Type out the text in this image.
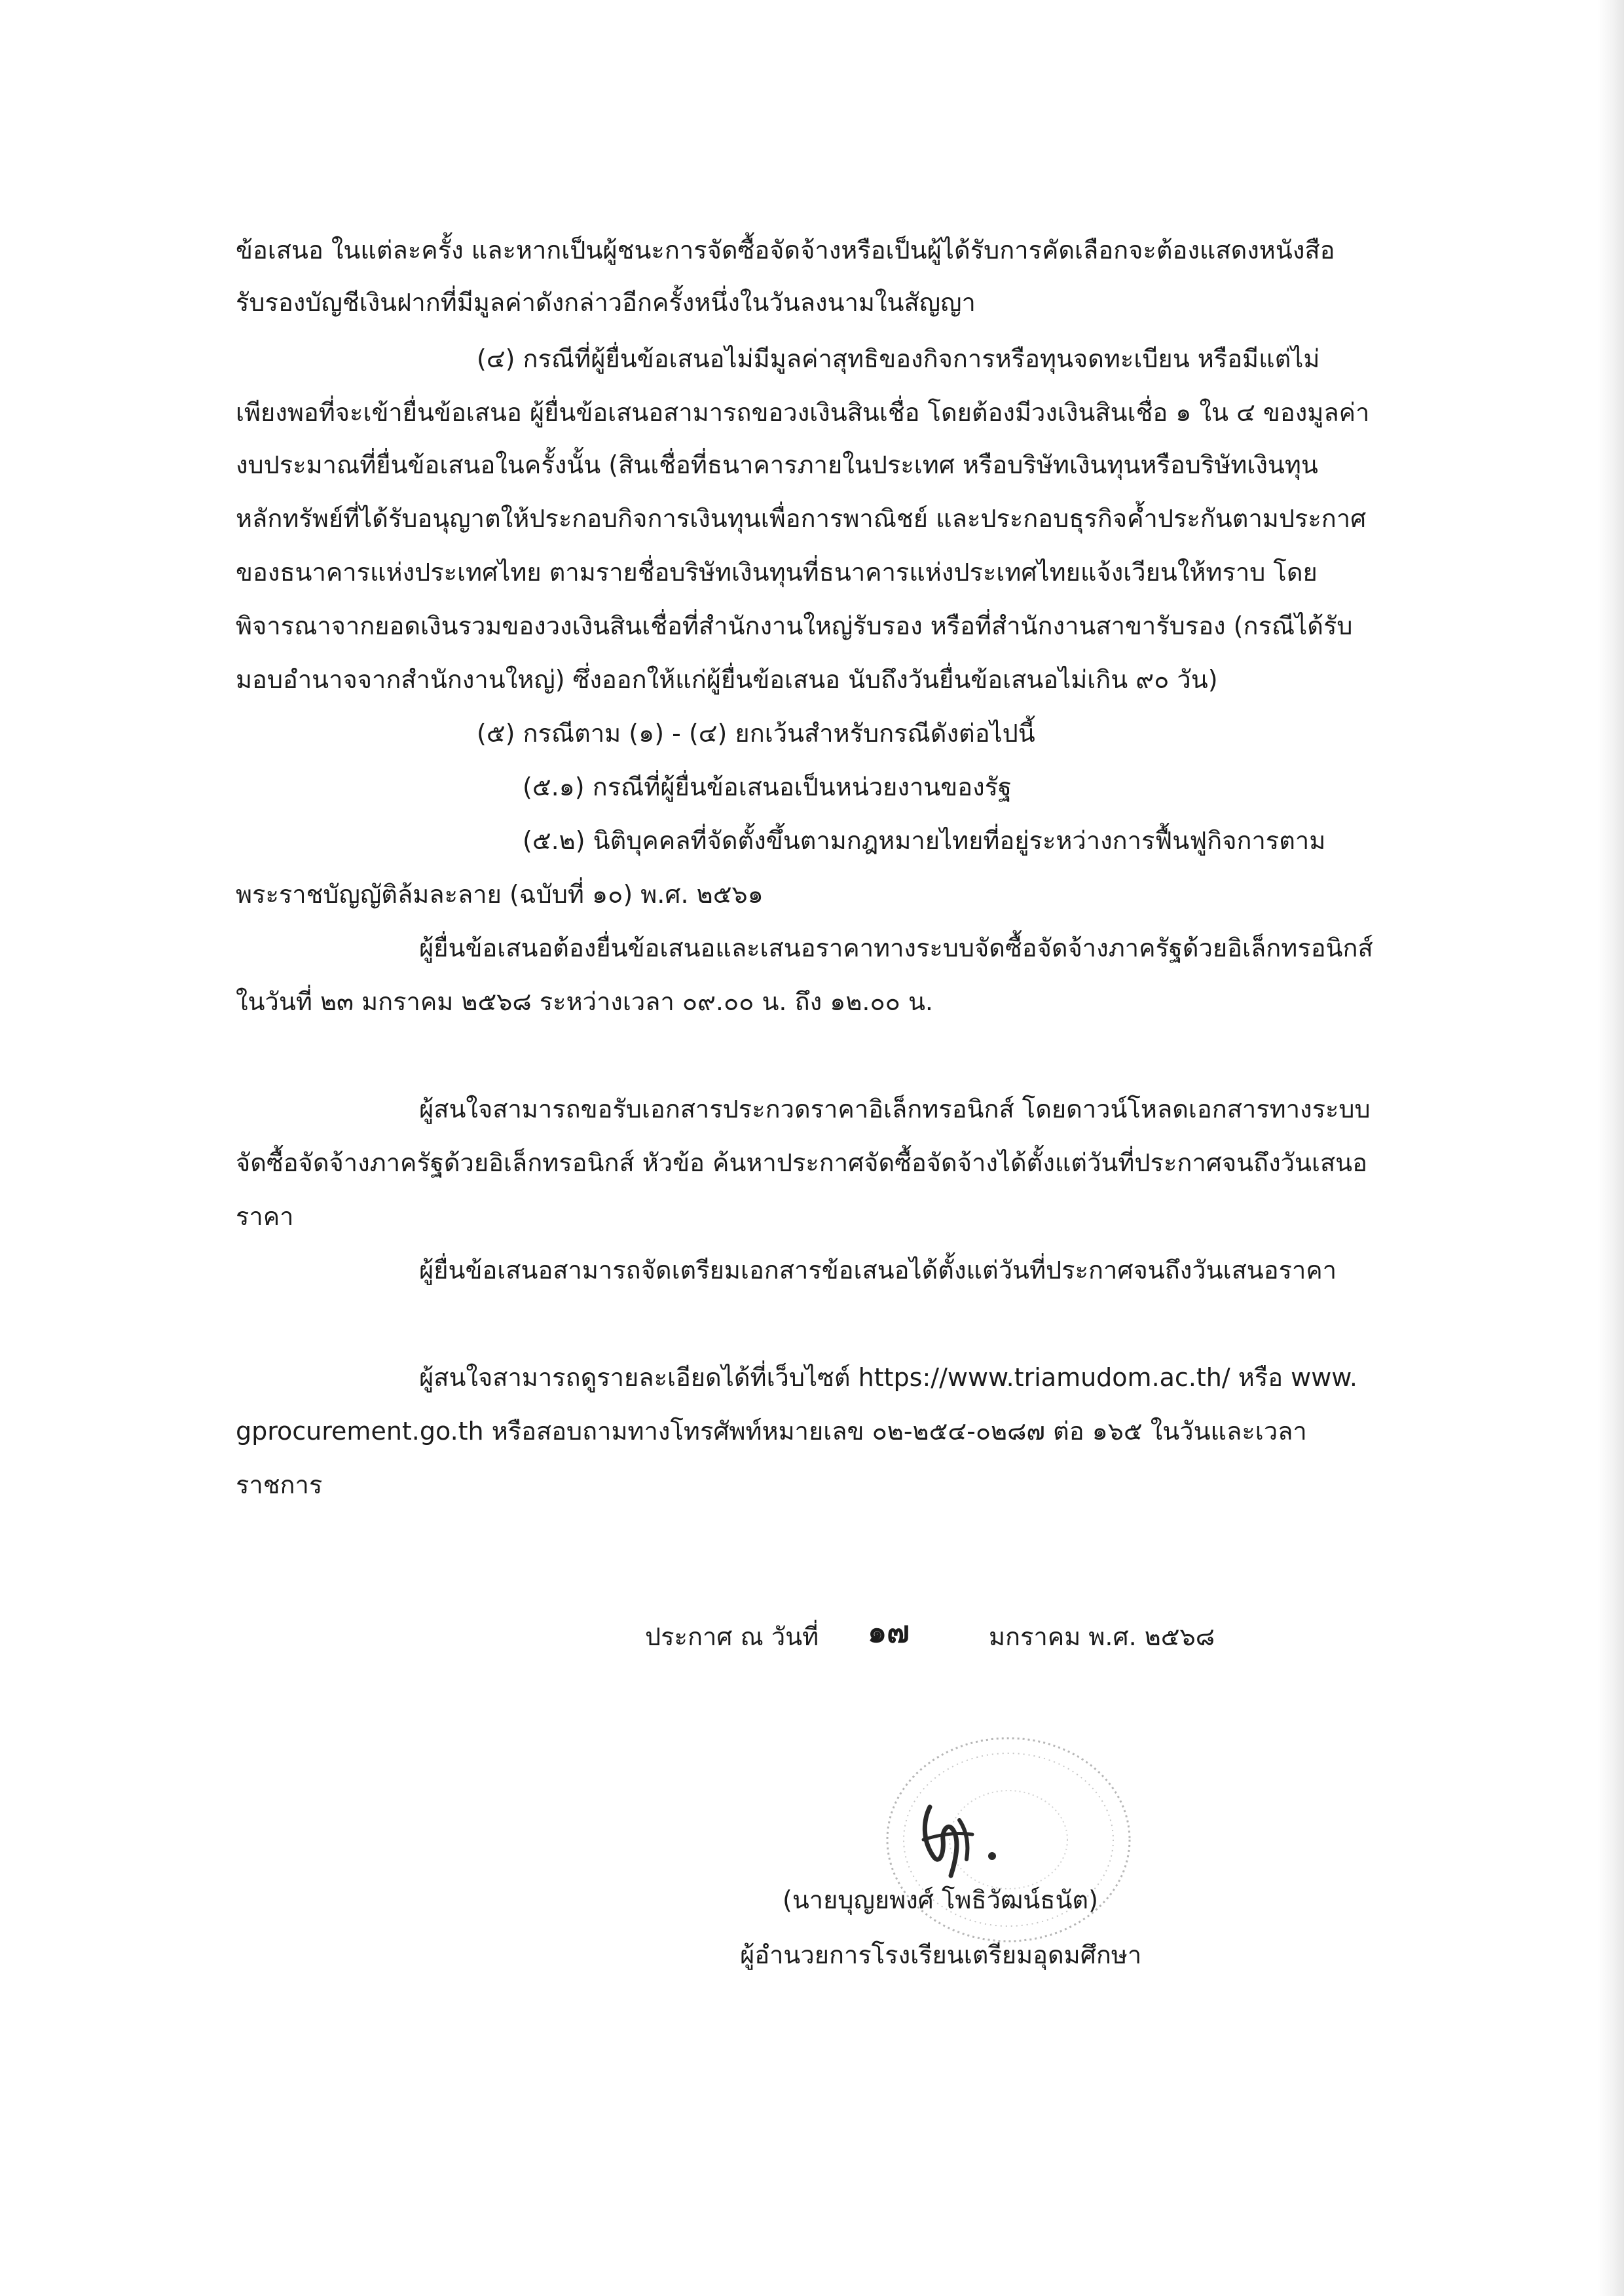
ข้อเสนอ ในแต่ละครั้ง และหากเป็นผู้ชนะการจัดซื้อจัดจ้างหรือเป็นผู้ได้รับการคัดเลือกจะต้องแสดงหนังสือ
รับรองบัญชีเงินฝากที่มีมูลค่าดังกล่าวอีกครั้งหนึ่งในวันลงนามในสัญญา
(๔) กรณีที่ผู้ยื่นข้อเสนอไม่มีมูลค่าสุทธิของกิจการหรือทุนจดทะเบียน หรือมีแต่ไม่
เพียงพอที่จะเข้ายื่นข้อเสนอ ผู้ยื่นข้อเสนอสามารถขอวงเงินสินเชื่อ โดยต้องมีวงเงินสินเชื่อ ๑ ใน ๔ ของมูลค่า
งบประมาณที่ยื่นข้อเสนอในครั้งนั้น (สินเชื่อที่ธนาคารภายในประเทศ หรือบริษัทเงินทุนหรือบริษัทเงินทุน
หลักทรัพย์ที่ได้รับอนุญาตให้ประกอบกิจการเงินทุนเพื่อการพาณิชย์ และประกอบธุรกิจค้ำประกันตามประกาศ
ของธนาคารแห่งประเทศไทย ตามรายชื่อบริษัทเงินทุนที่ธนาคารแห่งประเทศไทยแจ้งเวียนให้ทราบ โดย
พิจารณาจากยอดเงินรวมของวงเงินสินเชื่อที่สำนักงานใหญ่รับรอง หรือที่สำนักงานสาขารับรอง (กรณีได้รับ
มอบอำนาจจากสำนักงานใหญ่) ซึ่งออกให้แก่ผู้ยื่นข้อเสนอ นับถึงวันยื่นข้อเสนอไม่เกิน ๙๐ วัน)
(๕) กรณีตาม (๑) - (๔) ยกเว้นสำหรับกรณีดังต่อไปนี้
(๕.๑) กรณีที่ผู้ยื่นข้อเสนอเป็นหน่วยงานของรัฐ
(๕.๒) นิติบุคคลที่จัดตั้งขึ้นตามกฎหมายไทยที่อยู่ระหว่างการฟื้นฟูกิจการตาม
พระราชบัญญัติล้มละลาย (ฉบับที่ ๑๐) พ.ศ. ๒๕๖๑
ผู้ยื่นข้อเสนอต้องยื่นข้อเสนอและเสนอราคาทางระบบจัดซื้อจัดจ้างภาครัฐด้วยอิเล็กทรอนิกส์
ในวันที่ ๒๓ มกราคม ๒๕๖๘ ระหว่างเวลา ๐๙.๐๐ น. ถึง ๑๒.๐๐ น.
ผู้สนใจสามารถขอรับเอกสารประกวดราคาอิเล็กทรอนิกส์ โดยดาวน์โหลดเอกสารทางระบบ
จัดซื้อจัดจ้างภาครัฐด้วยอิเล็กทรอนิกส์ หัวข้อ ค้นหาประกาศจัดซื้อจัดจ้างได้ตั้งแต่วันที่ประกาศจนถึงวันเสนอ
ราคา
ผู้ยื่นข้อเสนอสามารถจัดเตรียมเอกสารข้อเสนอได้ตั้งแต่วันที่ประกาศจนถึงวันเสนอราคา
ผู้สนใจสามารถดูรายละเอียดได้ที่เว็บไซต์ https://www.triamudom.ac.th/ หรือ www.
gprocurement.go.th หรือสอบถามทางโทรศัพท์หมายเลข ๐๒-๒๕๔-๐๒๘๗ ต่อ ๑๖๕ ในวันและเวลา
ราชการ
ประกาศ ณ วันที่ ๑๗	มกราคม พ.ศ. ๒๕๖๘
(นายบุญยพงศ์ โพธิวัฒน์ธนัต)
ผู้อำนวยการโรงเรียนเตรียมอุดมศึกษา
